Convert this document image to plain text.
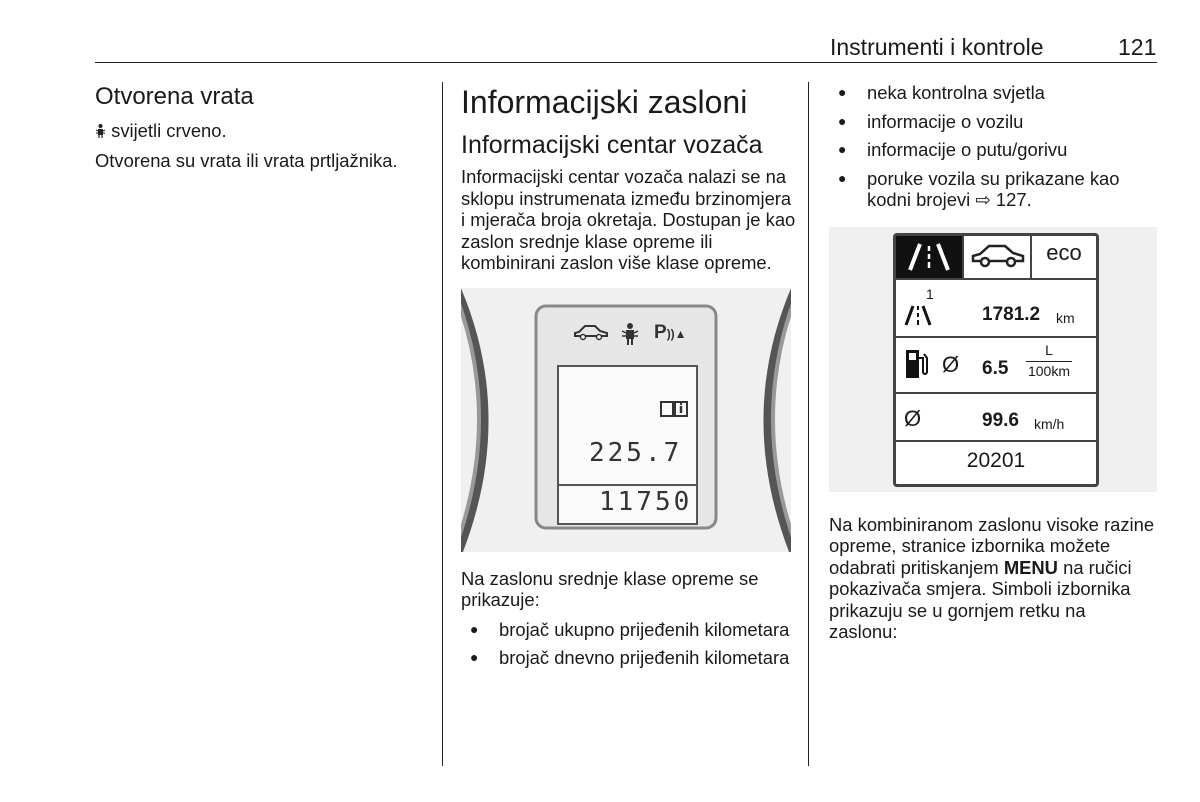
Instrumenti i kontrole	121
Otvorena vrata

svijetli crveno.

Otvorena su vrata ili vrata prtljažnika.

Informacijski zasloni
Informacijski centar vozača

Informacijski centar vozača nalazi se na sklopu instrumenata između brzinomjera i mjerača broja okretaja. Dostupan je kao zaslon srednje klase opreme ili kombinirani zaslon više klase opreme.

P))▲
225.7
11750

Na zaslonu srednje klase opreme se prikazuje:

● brojač ukupno prijeđenih kilometara
● brojač dnevno prijeđenih kilometara
● neka kontrolna svjetla
● informacije o vozilu
● informacije o putu/gorivu
● poruke vozila su prikazane kao kodni brojevi ⇨ 127.
eco
1
1781.2 km
Ø 6.5
L
100km
Ø	99.6 km/h
20201

Na kombiniranom zaslonu visoke razine opreme, stranice izbornika možete odabrati pritiskanjem MENU na ručici pokazivača smjera. Simboli izbornika prikazuju se u gornjem retku na zaslonu:
